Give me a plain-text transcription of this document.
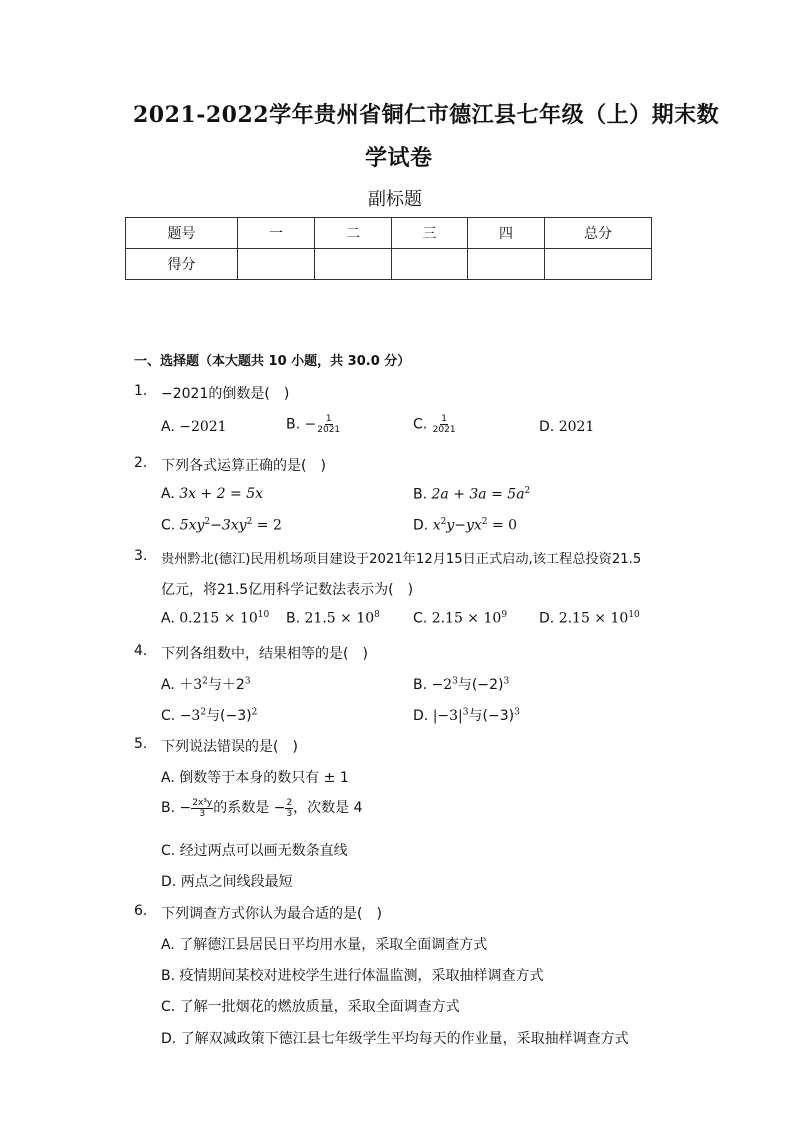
2021-2022学年贵州省铜仁市德江县七年级（上）期末数
学试卷
副标题
题号	一	二	三	四	总分
得分					
一、选择题（本大题共 10 小题，共 30.0 分）
1. −2021的倒数是(　)
A. −2021	B. − $\frac{1}{2021}$	C. $\frac{1}{2021}$	D. 2021
2. 下列各式运算正确的是(　)
A. 3x + 2 = 5x	B. $2a + 3a = 5a^2$
C. $5xy^2-3xy^2 = 2$	D. $x^2y-yx^2 = 0$
3. 贵州黔北(德江)民用机场项目建设于2021年12月15日正式启动,该工程总投资21.5
亿元，将21.5亿用科学记数法表示为(　)
A. $0.215 \times 10^{10}$ B. $21.5 \times 10^8$ C. $2.15 \times 10^9$ D. $2.15 \times 10^{10}$
4. 下列各组数中，结果相等的是(　)
A. $+3^2$与$+2^3$	B. $-2^3$与$(-2)^3$
C. $-3^2$与$(-3)^2$	D. $|-3|^3$与$(-3)^3$
5. 下列说法错误的是(　)
A. 倒数等于本身的数只有 ± 1
B. − $\frac{\text{2x³y}}{3}$ 的系数是 − $\frac{2}{3}$ ，次数是 4
C. 经过两点可以画无数条直线
D. 两点之间线段最短
6. 下列调查方式你认为最合适的是(　)
A. 了解德江县居民日平均用水量，采取全面调查方式
B. 疫情期间某校对进校学生进行体温监测，采取抽样调查方式
C. 了解一批烟花的燃放质量，采取全面调查方式
D. 了解双减政策下德江县七年级学生平均每天的作业量，采取抽样调查方式
